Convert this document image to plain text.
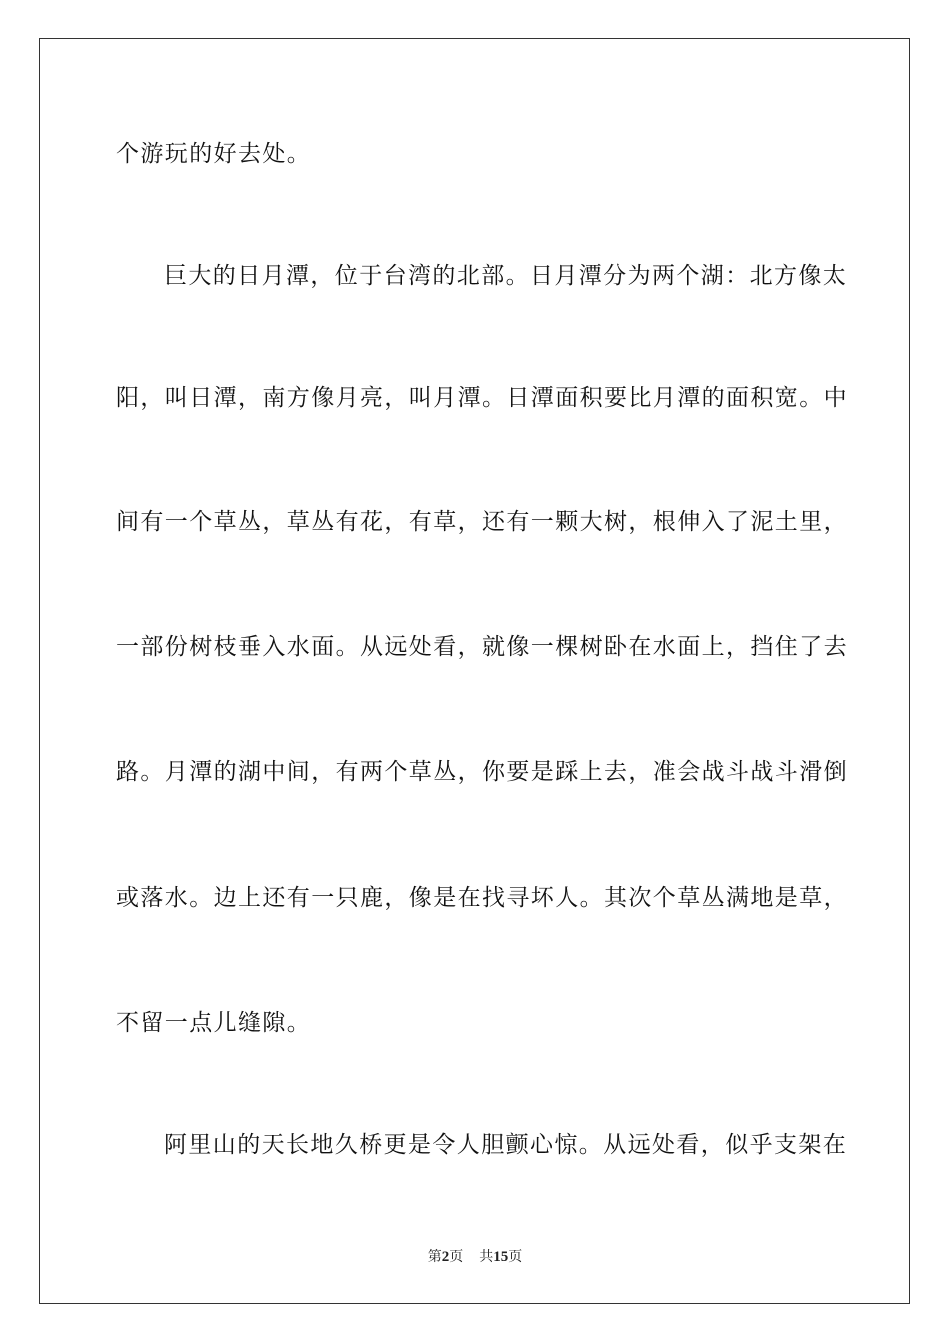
个游玩的好去处。
巨大的日月潭，位于台湾的北部。日月潭分为两个湖：北方像太
阳，叫日潭，南方像月亮，叫月潭。日潭面积要比月潭的面积宽。中
间有一个草丛，草丛有花，有草，还有一颗大树，根伸入了泥土里，
一部份树枝垂入水面。从远处看，就像一棵树卧在水面上，挡住了去
路。月潭的湖中间，有两个草丛，你要是踩上去，准会战斗战斗滑倒
或落水。边上还有一只鹿，像是在找寻坏人。其次个草丛满地是草，
不留一点儿缝隙。
阿里山的天长地久桥更是令人胆颤心惊。从远处看，似乎支架在
第2页 共15页
